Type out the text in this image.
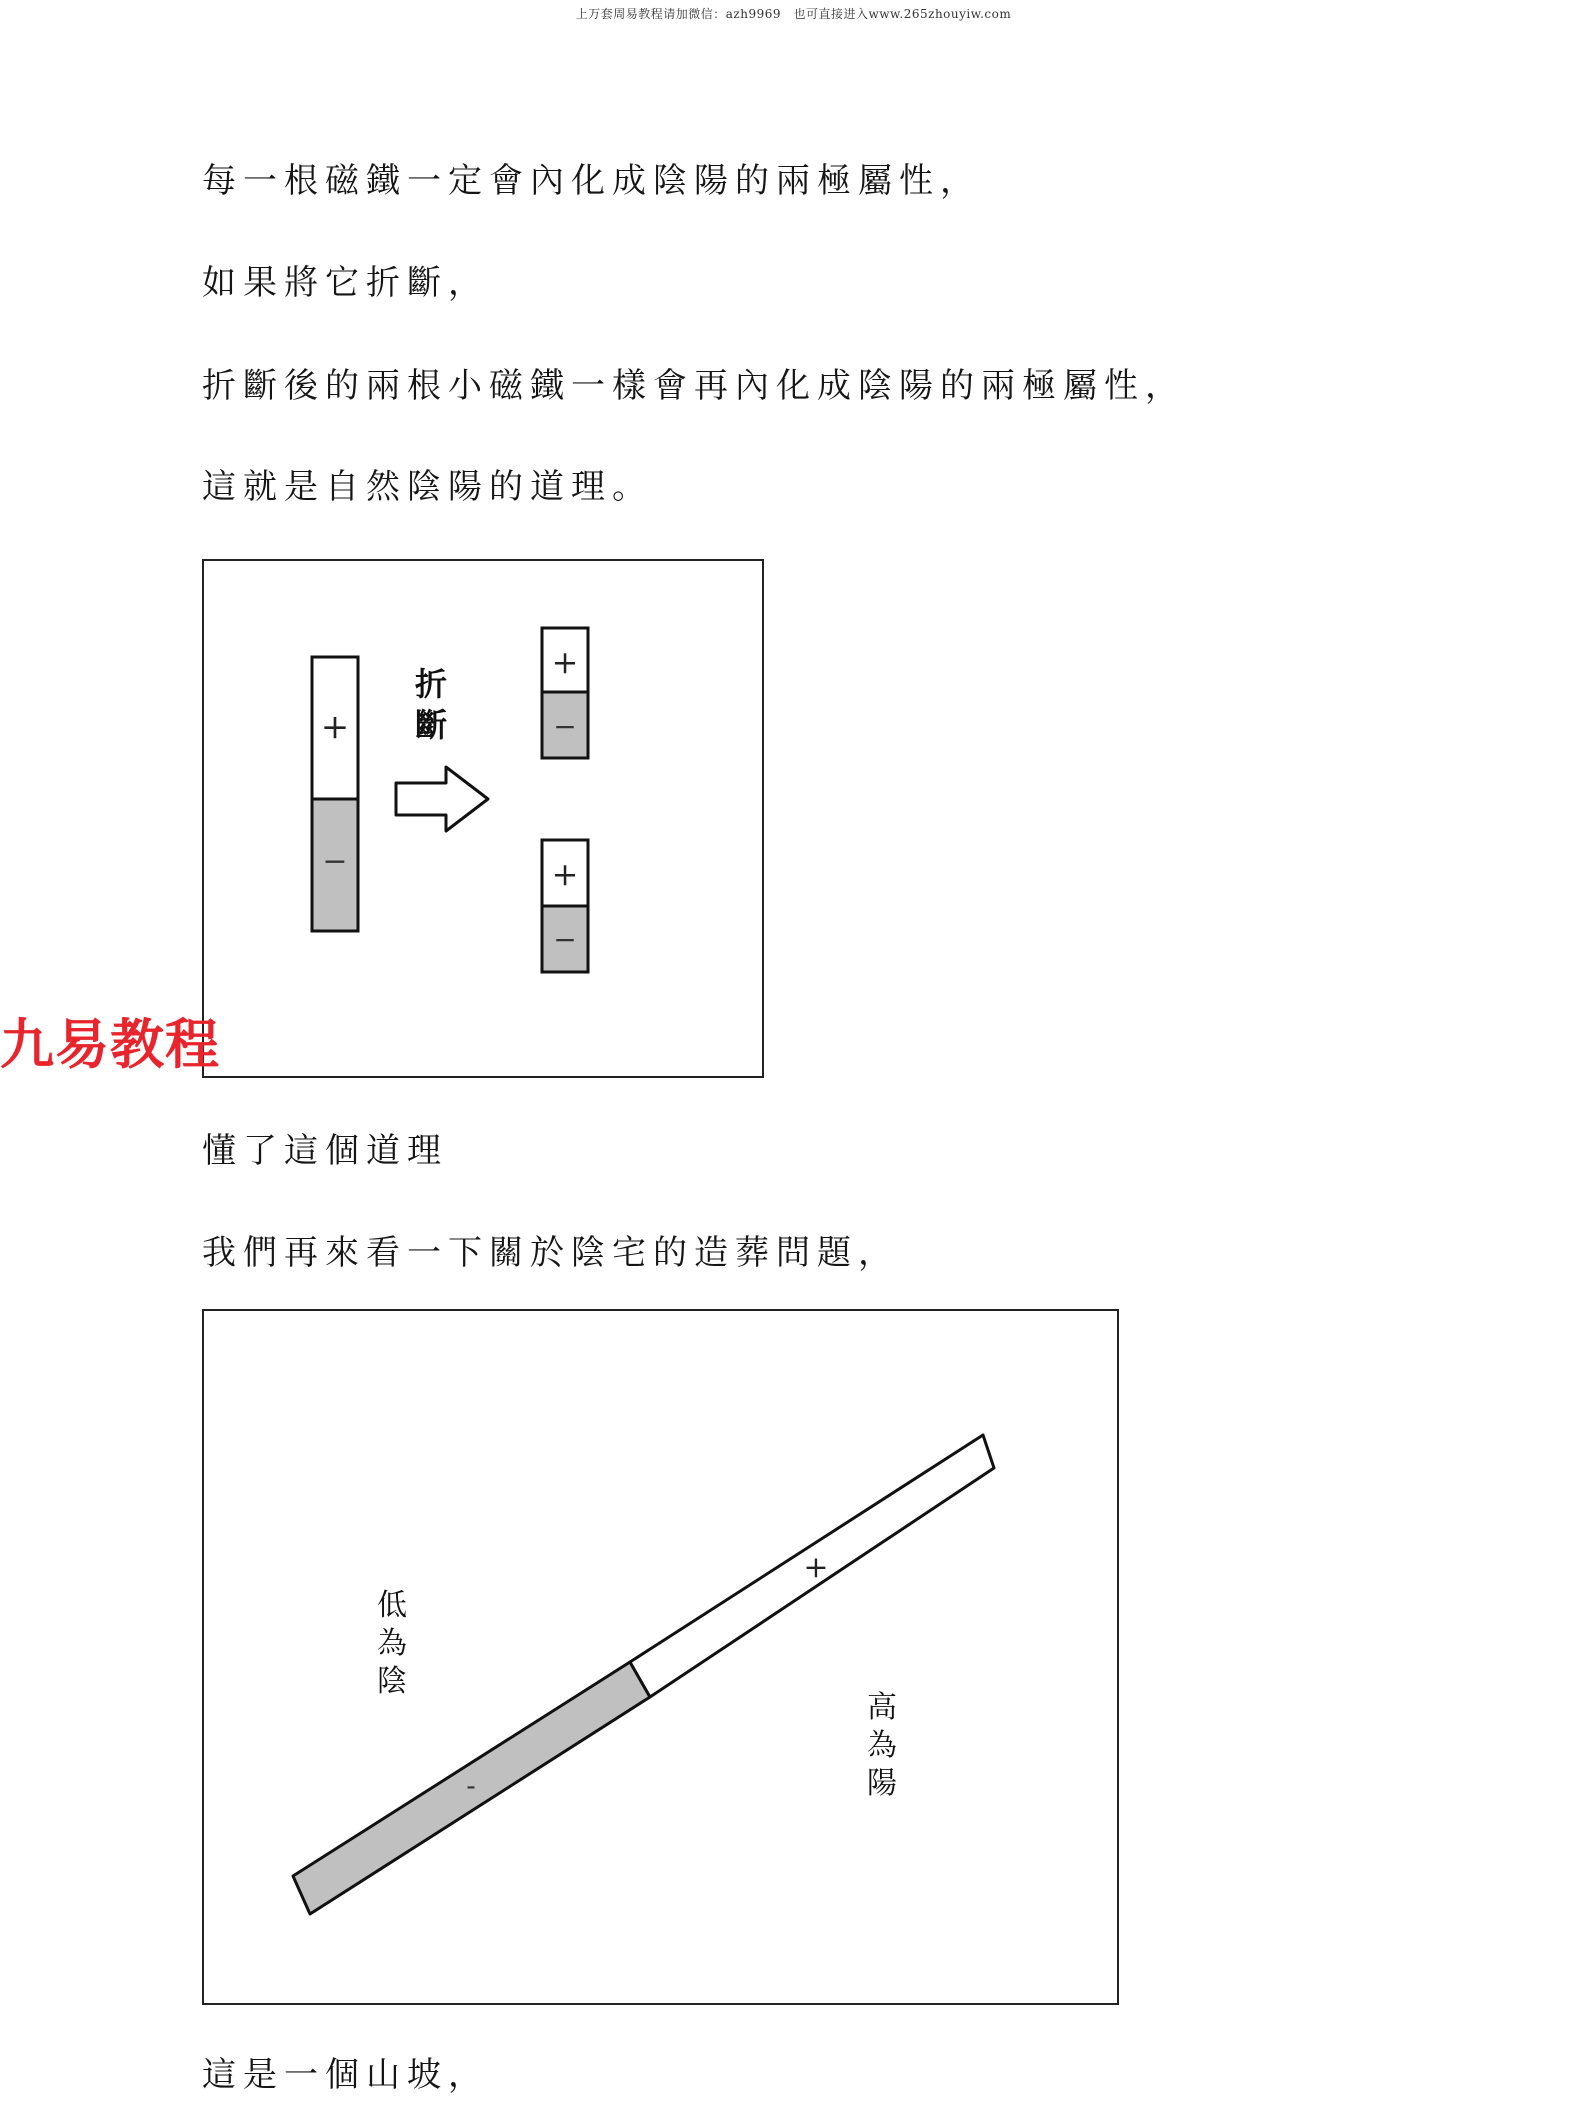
上万套周易教程请加微信：azh9969　也可直接进入www.265zhouyiw.com
每一根磁鐵一定會內化成陰陽的兩極屬性，
如果將它折斷，
折斷後的兩根小磁鐵一樣會再內化成陰陽的兩極屬性，
這就是自然陰陽的道理。
+
−
折
斷
+
−
+
−
九易教程
懂了這個道理
我們再來看一下關於陰宅的造葬問題，
+
-
低
為
陰
高
為
陽
這是一個山坡，
